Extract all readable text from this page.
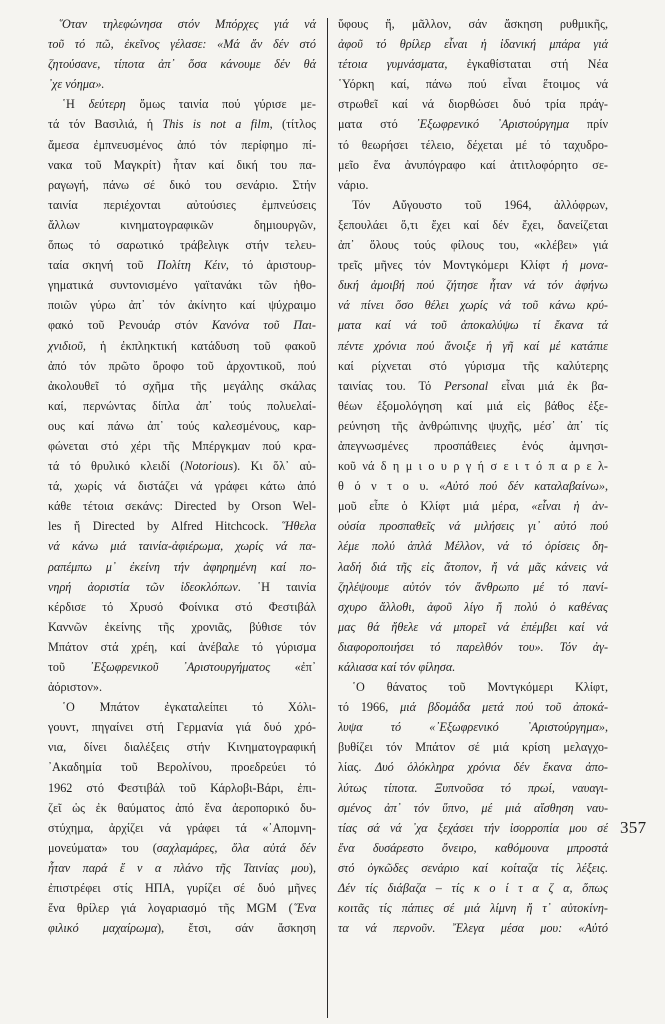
῞Οταν τηλεφώνησα στόν Μπόρχες γιά νά
τοῦ τό πῶ, ἐκεῖνος γέλασε: «Μά ἄν δέν στό
ζητούσανε, τίποτα ἀπ᾽ ὅσα κάνουμε δέν θά
᾽χε νόημα».
῾Η δεύτερη ὅμως ταινία πού γύρισε με-
τά τόν Βασιλιά, ἡ This is not a film, (τίτλος
ἄμεσα ἐμπνευσμένος ἀπό τόν περίφημο πί-
νακα τοῦ Μαγκρίτ) ἦταν καί δική του πα-
ραγωγή, πάνω σέ δικό του σενάριο. Στήν
ταινία περιέχονται αὐτούσιες ἐμπνεύσεις
ἄλλων κινηματογραφικῶν δημιουργῶν,
ὅπως τό σαρωτικό τράβελιγκ στήν τελευ-
ταία σκηνή τοῦ Πολίτη Κέιν, τό ἀριστουρ-
γηματικά συντονισμένο γαϊτανάκι τῶν ἠθο-
ποιῶν γύρω ἀπ᾽ τόν ἀκίνητο καί ψύχραιμο
φακό τοῦ Ρενουάρ στόν Κανόνα τοῦ Παι-
χνιδιοῦ, ἡ ἐκπληκτική κατάδυση τοῦ φακοῦ
ἀπό τόν πρῶτο ὄροφο τοῦ ἀρχοντικοῦ, πού
ἀκολουθεῖ τό σχῆμα τῆς μεγάλης σκάλας
καί, περνώντας δίπλα ἀπ᾽ τούς πολυελαί-
ους καί πάνω ἀπ᾽ τούς καλεσμένους, καρ-
φώνεται στό χέρι τῆς Μπέργκμαν πού κρα-
τά τό θρυλικό κλειδί (Notorious). Κι ὅλ᾽ αὐ-
τά, χωρίς νά διστάζει νά γράφει κάτω ἀπό
κάθε τέτοια σεκάνς: Directed by Orson Wel-
les ἤ Directed by Alfred Hitchcock. ῞Ηθελα
νά κάνω μιά ταινία-ἀφιέρωμα, χωρίς νά πα-
ραπέμπω μ᾽ ἐκείνη τήν ἀφηρημένη καί πο-
νηρή ἀοριστία τῶν ἰδεοκλόπων. ῾Η ταινία
κέρδισε τό Χρυσό Φοίνικα στό Φεστιβάλ
Καννῶν ἐκείνης τῆς χρονιᾶς, βύθισε τόν
Μπάτον στά χρέη, καί ἀνέβαλε τό γύρισμα
τοῦ ᾽Εξωφρενικοῦ ᾽Αριστουργήματος «ἐπ᾽
ἀόριστον».
῾Ο Μπάτον ἐγκαταλείπει τό Χόλι-
γουντ, πηγαίνει στή Γερμανία γιά δυό χρό-
νια, δίνει διαλέξεις στήν Κινηματογραφική
᾽Ακαδημία τοῦ Βερολίνου, προεδρεύει τό
1962 στό Φεστιβάλ τοῦ Κάρλοβι-Βάρι, ἐπι-
ζεῖ ὡς ἐκ θαύματος ἀπό ἕνα ἀεροπορικό δυ-
στύχημα, ἀρχίζει νά γράφει τά «᾽Απομνη-
μονεύματα» του (σαχλαμάρες, ὅλα αὐτά δέν
ἦταν παρά ἕ ν α πλάνο τῆς Ταινίας μου),
ἐπιστρέφει στίς ΗΠΑ, γυρίζει σέ δυό μῆνες
ἕνα θρίλερ γιά λογαριασμό τῆς MGM (῞Ενα
φιλικό μαχαίρωμα), ἔτσι, σάν ἄσκηση
ὕφους ἤ, μᾶλλον, σάν ἄσκηση ρυθμικῆς,
ἀφοῦ τό θρίλερ εἶναι ἡ ἰδανική μπάρα γιά
τέτοια γυμνάσματα, ἐγκαθίσταται στή Νέα
῾Υόρκη καί, πάνω πού εἶναι ἕτοιμος νά
στρωθεῖ καί νά διορθώσει δυό τρία πράγ-
ματα στό ᾽Εξωφρενικό ᾽Αριστούργημα πρίν
τό θεωρήσει τέλειο, δέχεται μέ τό ταχυδρο-
μεῖο ἕνα ἀνυπόγραφο καί ἀτιτλοφόρητο σε-
νάριο.
Τόν Αὔγουστο τοῦ 1964, ἀλλόφρων,
ξεπουλάει ὅ,τι ἔχει καί δέν ἔχει, δανείζεται
ἀπ᾽ ὅλους τούς φίλους του, «κλέβει» γιά
τρεῖς μῆνες τόν Μοντγκόμερι Κλίφτ ἡ μονα-
δική ἀμοιβή πού ζήτησε ἦταν νά τόν ἀφήνω
νά πίνει ὅσο θέλει χωρίς νά τοῦ κάνω κρύ-
ματα καί νά τοῦ ἀποκαλύψω τί ἔκανα τά
πέντε χρόνια πού ἄνοιξε ἡ γῆ καί μέ κατάπιε
καί ρίχνεται στό γύρισμα τῆς καλύτερης
ταινίας του. Τό Personal εἶναι μιά ἐκ βα-
θέων ἐξομολόγηση καί μιά εἰς βάθος ἐξε-
ρεύνηση τῆς ἀνθρώπινης ψυχῆς, μέσ᾽ ἀπ᾽ τίς
ἀπεγνωσμένες προσπάθειες ἑνός ἀμνησι-
κοῦ νά δ η μ ι ο υ ρ γ ή σ ε ι τ ό π α ρ ε λ-
θ ό ν τ ο υ. «Αὐτό πού δέν καταλαβαίνω»,
μοῦ εἶπε ὁ Κλίφτ μιά μέρα, «εἶναι ἡ ἀν-
οὐσία προσπαθεῖς νά μιλήσεις γι᾽ αὐτό πού
λέμε πολύ ἁπλά Μέλλον, νά τό ὁρίσεις δη-
λαδή διά τῆς εἰς ἄτοπον, ἤ νά μᾶς κάνεις νά
ζηλέψουμε αὐτόν τόν ἄνθρωπο μέ τό πανί-
σχυρο ἄλλοθι, ἀφοῦ λίγο ἤ πολύ ὁ καθένας
μας θά ἤθελε νά μπορεῖ νά ἐπέμβει καί νά
διαφοροποιήσει τό παρελθόν του». Τόν ἀγ-
κάλιασα καί τόν φίλησα.
῾Ο θάνατος τοῦ Μοντγκόμερι Κλίφτ,
τό 1966, μιά βδομάδα μετά πού τοῦ ἀποκά-
λυψα τό «᾽Εξωφρενικό ᾽Αριστούργημα»,
βυθίζει τόν Μπάτον σέ μιά κρίση μελαγχο-
λίας. Δυό ὁλόκληρα χρόνια δέν ἔκανα ἀπο-
λύτως τίποτα. Ξυπνοῦσα τό πρωί, ναυαγι-
σμένος ἀπ᾽ τόν ὕπνο, μέ μιά αἴσθηση ναυ-
τίας σά νά ᾽χα ξεχάσει τήν ἰσορροπία μου σέ
ἕνα δυσάρεστο ὄνειρο, καθόμουνα μπροστά
στό ὀγκῶδες σενάριο καί κοίταζα τίς λέξεις.
Δέν τίς διάβαζα – τίς κ ο ί τ α ζ α, ὅπως
κοιτᾶς τίς πάπιες σέ μιά λίμνη ἤ τ᾽ αὐτοκίνη-
τα νά περνοῦν. ῎Ελεγα μέσα μου: «Αὐτό
357
